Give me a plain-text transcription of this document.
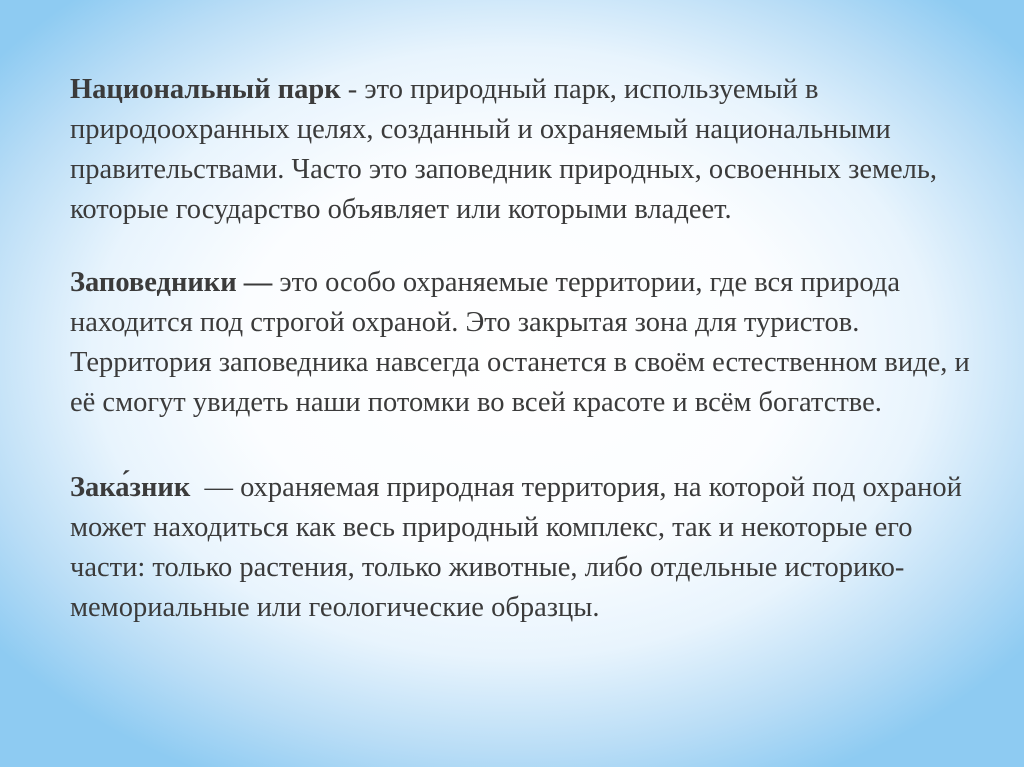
Национальный парк - это природный парк, используемый в природоохранных целях, созданный и охраняемый национальными правительствами. Часто это заповедник природных, освоенных земель, которые государство объявляет или которыми владеет.

Заповедники — это особо охраняемые территории, где вся природа находится под строгой охраной. Это закрытая зона для туристов. Территория заповедника навсегда останется в своём естественном виде, и её смогут увидеть наши потомки во всей красоте и всём богатстве.

Зака́зник  — охраняемая природная территория, на которой под охраной может находиться как весь природный комплекс, так и некоторые его части: только растения, только животные, либо отдельные историко-мемориальные или геологические образцы.
